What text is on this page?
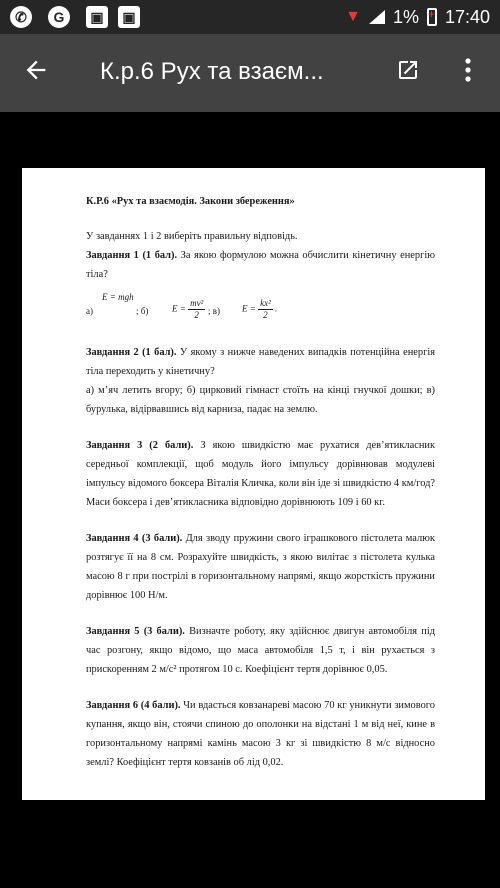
✆	G	▣	▣	▼ 1%
+ 17:40
К.р.6 Рух та взаєм...

К.Р.6 «Рух та взаємодія. Закони збереження»

У завданнях 1 і 2 виберіть правильну відповідь.

Завдання 1 (1 бал). За якою формулою можна обчислити кінетичну енергію тіла?

а)
E = mgh
; б)	$E = \frac{\text{mv²}}{2}$ ; в) $E = \frac{\text{kx²}}{2}$ .

Завдання 2 (1 бал). У якому з нижче наведених випадків потенційна енергія тіла переходить у кінетичну?

а) м’яч летить вгору; б) цирковий гімнаст стоїть на кінці гнучкої дошки; в) бурулька, відірвавшись від карниза, падає на землю.

Завдання 3 (2 бали). З якою швидкістю має рухатися дев’ятикласник середньої комплекції, щоб модуль його імпульсу дорівнював модулеві імпульсу відомого боксера Віталія Кличка, коли він іде зі швидкістю 4 км/год? Маси боксера і дев’ятикласника відповідно дорівнюють 109 і 60 кг.

Завдання 4 (3 бали). Для зводу пружини свого іграшкового пістолета малюк розтягує її на 8 см. Розрахуйте швидкість, з якою вилітає з пістолета кулька масою 8 г при пострілі в горизонтальному напрямі, якщо жорсткість пружини дорівнює 100 Н/м.

Завдання 5 (3 бали). Визначте роботу, яку здійснює двигун автомобіля під час розгону, якщо відомо, що маса автомобіля 1,5 т, і він рухається з прискоренням 2 м/с² протягом 10 с. Коефіцієнт тертя дорівнює 0,05.

Завдання 6 (4 бали). Чи вдасться ковзанареві масою 70 кг уникнути зимового купання, якщо він, стоячи спиною до ополонки на відстані 1 м від неї, кине в горизонтальному напрямі камінь масою 3 кг зі швидкістю 8 м/с відносно землі? Коефіцієнт тертя ковзанів об лід 0,02.
